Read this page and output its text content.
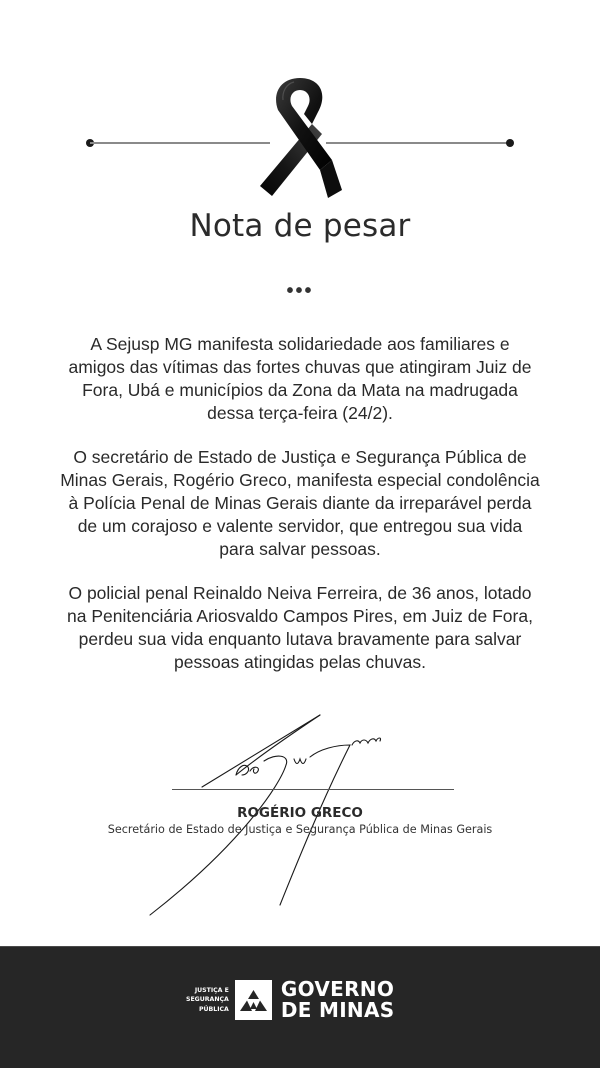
Nota de pesar
•••
A Sejusp MG manifesta solidariedade aos familiares e amigos das vítimas das fortes chuvas que atingiram Juiz de Fora, Ubá e municípios da Zona da Mata na madrugada dessa terça-feira (24/2).
O secretário de Estado de Justiça e Segurança Pública de Minas Gerais, Rogério Greco, manifesta especial condolência à Polícia Penal de Minas Gerais diante da irreparável perda de um corajoso e valente servidor, que entregou sua vida para salvar pessoas.
O policial penal Reinaldo Neiva Ferreira, de 36 anos, lotado na Penitenciária Ariosvaldo Campos Pires, em Juiz de Fora, perdeu sua vida enquanto lutava bravamente para salvar pessoas atingidas pelas chuvas.
ROGÉRIO GRECO
Secretário de Estado de Justiça e Segurança Pública de Minas Gerais
JUSTIÇA E
SEGURANÇA
PÚBLICA
GOVERNO
DE MINAS
